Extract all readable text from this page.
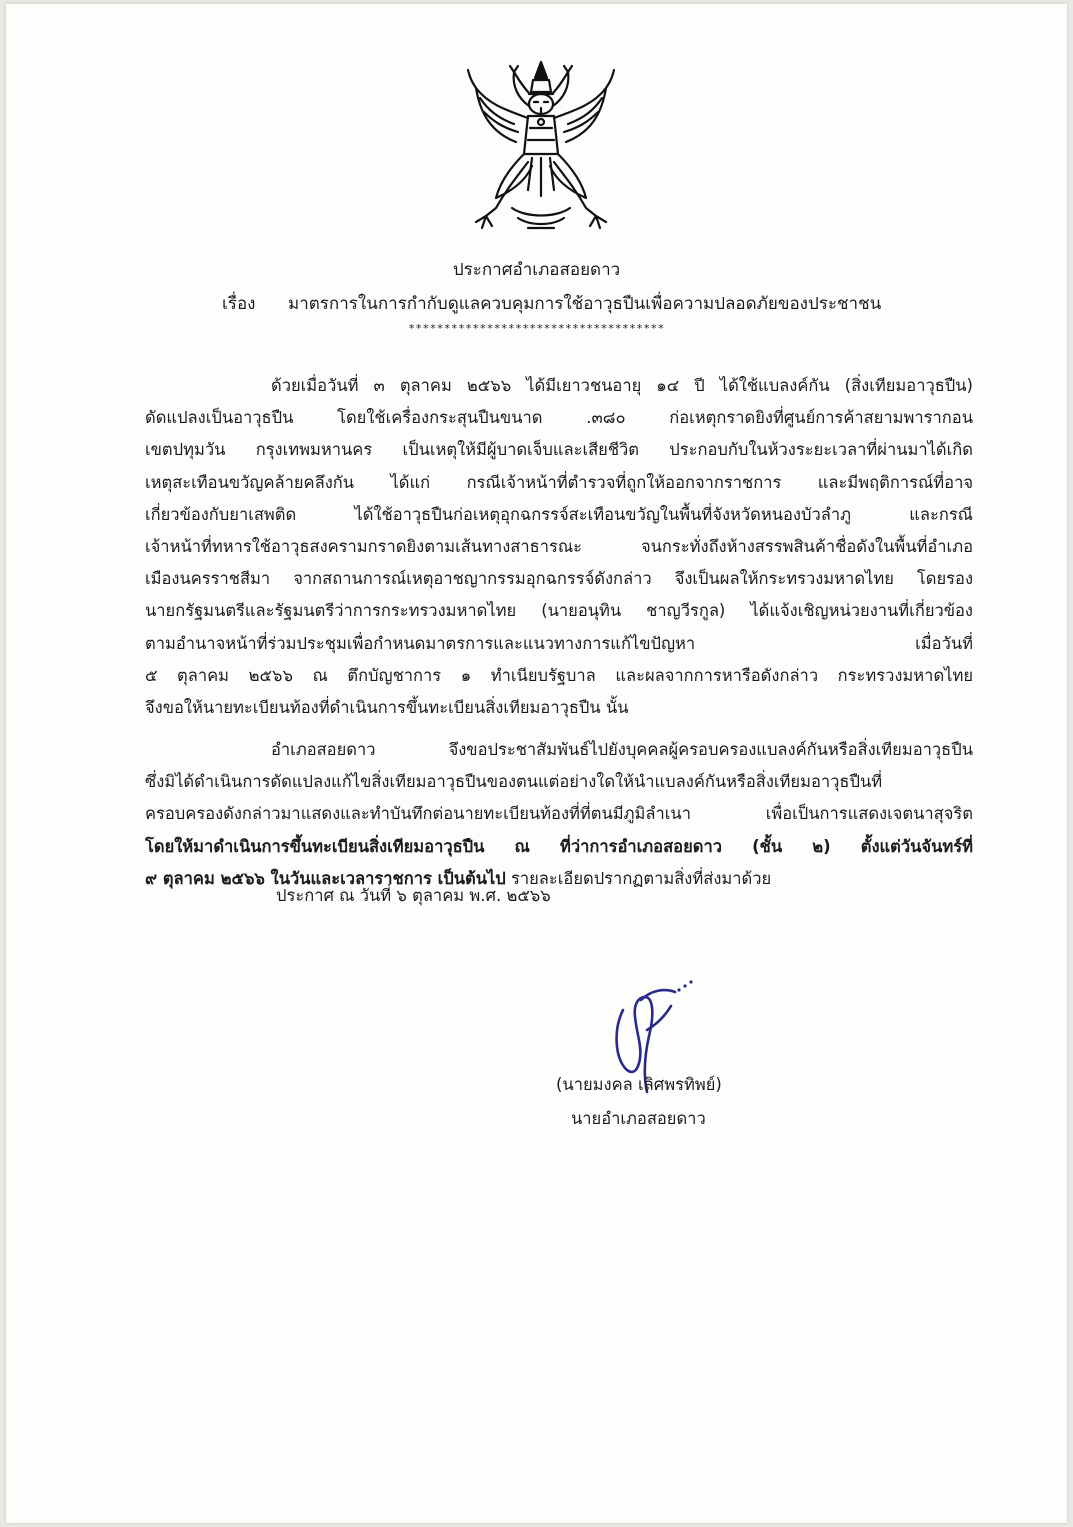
ประกาศอำเภอสอยดาว
เรื่อง มาตรการในการกำกับดูแลควบคุมการใช้อาวุธปืนเพื่อความปลอดภัยของประชาชน
************************************
ด้วยเมื่อวันที่ ๓ ตุลาคม ๒๕๖๖ ได้มีเยาวชนอายุ ๑๔ ปี ได้ใช้แบลงค์กัน (สิ่งเทียมอาวุธปืน)
ดัดแปลงเป็นอาวุธปืน โดยใช้เครื่องกระสุนปืนขนาด .๓๘๐ ก่อเหตุกราดยิงที่ศูนย์การค้าสยามพารากอน
เขตปทุมวัน กรุงเทพมหานคร เป็นเหตุให้มีผู้บาดเจ็บและเสียชีวิต ประกอบกับในห้วงระยะเวลาที่ผ่านมาได้เกิด
เหตุสะเทือนขวัญคล้ายคลึงกัน ได้แก่ กรณีเจ้าหน้าที่ตำรวจที่ถูกให้ออกจากราชการ และมีพฤติการณ์ที่อาจ
เกี่ยวข้องกับยาเสพติด ได้ใช้อาวุธปืนก่อเหตุอุกฉกรรจ์สะเทือนขวัญในพื้นที่จังหวัดหนองบัวลำภู และกรณี
เจ้าหน้าที่ทหารใช้อาวุธสงครามกราดยิงตามเส้นทางสาธารณะ จนกระทั่งถึงห้างสรรพสินค้าชื่อดังในพื้นที่อำเภอ
เมืองนครราชสีมา จากสถานการณ์เหตุอาชญากรรมอุกฉกรรจ์ดังกล่าว จึงเป็นผลให้กระทรวงมหาดไทย โดยรอง
นายกรัฐมนตรีและรัฐมนตรีว่าการกระทรวงมหาดไทย (นายอนุทิน ชาญวีรกูล) ได้แจ้งเชิญหน่วยงานที่เกี่ยวข้อง
ตามอำนาจหน้าที่ร่วมประชุมเพื่อกำหนดมาตรการและแนวทางการแก้ไขปัญหา เมื่อวันที่
๕ ตุลาคม ๒๕๖๖ ณ ตึกบัญชาการ ๑ ทำเนียบรัฐบาล และผลจากการหารือดังกล่าว กระทรวงมหาดไทย
จึงขอให้นายทะเบียนท้องที่ดำเนินการขึ้นทะเบียนสิ่งเทียมอาวุธปืน นั้น
อำเภอสอยดาว จึงขอประชาสัมพันธ์ไปยังบุคคลผู้ครอบครองแบลงค์กันหรือสิ่งเทียมอาวุธปืน
ซึ่งมิได้ดำเนินการดัดแปลงแก้ไขสิ่งเทียมอาวุธปืนของตนแต่อย่างใดให้นำแบลงค์กันหรือสิ่งเทียมอาวุธปืนที่
ครอบครองดังกล่าวมาแสดงและทำบันทึกต่อนายทะเบียนท้องที่ที่ตนมีภูมิลำเนา เพื่อเป็นการแสดงเจตนาสุจริต
โดยให้มาดำเนินการขึ้นทะเบียนสิ่งเทียมอาวุธปืน ณ ที่ว่าการอำเภอสอยดาว (ชั้น ๒) ตั้งแต่วันจันทร์ที่
๙ ตุลาคม ๒๕๖๖ ในวันและเวลาราชการ เป็นต้นไป รายละเอียดปรากฏตามสิ่งที่ส่งมาด้วย
ประกาศ ณ วันที่ ๖ ตุลาคม พ.ศ. ๒๕๖๖
(นายมงคล เลิศพรทิพย์)
นายอำเภอสอยดาว
